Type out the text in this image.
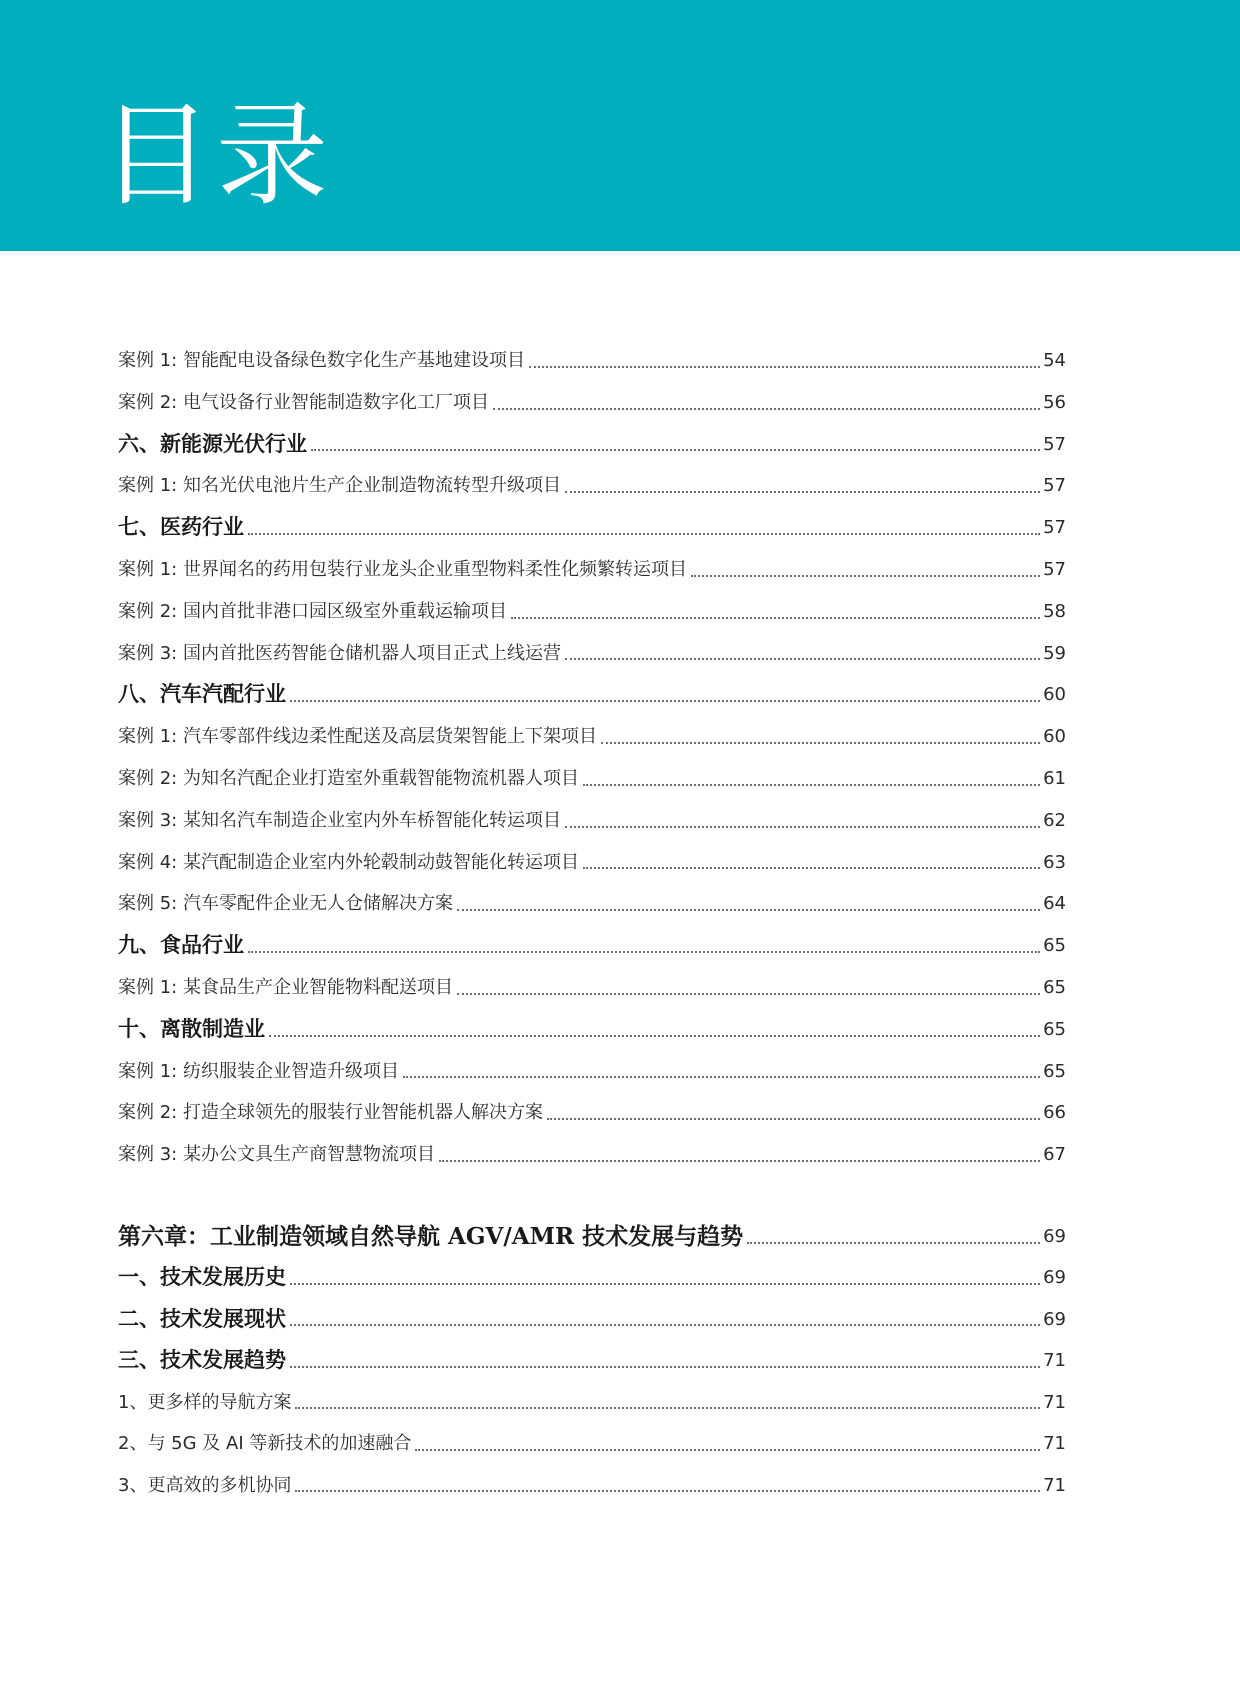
目录
案例 1: 智能配电设备绿色数字化生产基地建设项目	54
案例 2: 电气设备行业智能制造数字化工厂项目	56
六、新能源光伏行业	57
案例 1: 知名光伏电池片生产企业制造物流转型升级项目	57
七、医药行业	57
案例 1: 世界闻名的药用包装行业龙头企业重型物料柔性化频繁转运项目	57
案例 2: 国内首批非港口园区级室外重载运输项目	58
案例 3: 国内首批医药智能仓储机器人项目正式上线运营	59
八、汽车汽配行业	60
案例 1: 汽车零部件线边柔性配送及高层货架智能上下架项目	60
案例 2: 为知名汽配企业打造室外重载智能物流机器人项目	61
案例 3: 某知名汽车制造企业室内外车桥智能化转运项目	62
案例 4: 某汽配制造企业室内外轮毂制动鼓智能化转运项目	63
案例 5: 汽车零配件企业无人仓储解决方案	64
九、食品行业	65
案例 1: 某食品生产企业智能物料配送项目	65
十、离散制造业	65
案例 1: 纺织服装企业智造升级项目	65
案例 2: 打造全球领先的服装行业智能机器人解决方案	66
案例 3: 某办公文具生产商智慧物流项目	67
第六章：工业制造领域自然导航 AGV/AMR 技术发展与趋势	69
一、技术发展历史	69
二、技术发展现状	69
三、技术发展趋势	71
1、更多样的导航方案	71
2、与 5G 及 AI 等新技术的加速融合	71
3、更高效的多机协同	71
